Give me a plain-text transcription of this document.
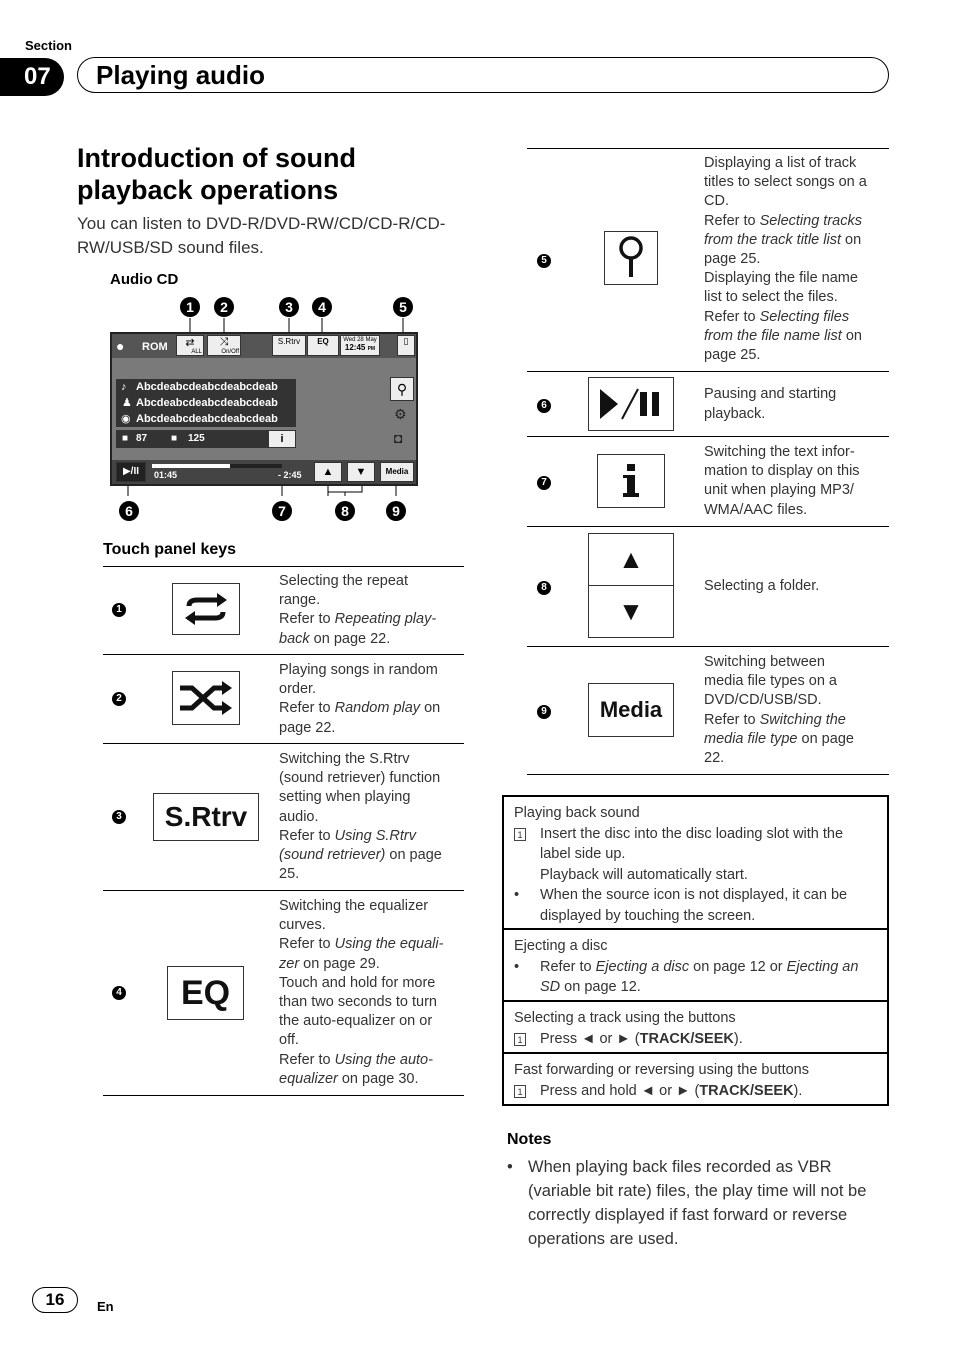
Section
07	Playing audio
Introduction of sound playback operations
You can listen to DVD-R/DVD-RW/CD/CD-R/CD-RW/USB/SD sound files.
Audio CD
1	2	3	4	5
● ROM	⇄
ALL
⤨
On/Off
S.Rtrv	EQ	Wed 28 May
12:45 PM
▯
♪ Abcdeabcdeabcdeabcdeab
♟ Abcdeabcdeabcdeabcdeab
◉ Abcdeabcdeabcdeabcdeab
■ 87 ■ 125	i
⚲
⚙
◘
▶/II	01:45	- 2:45	▲	▼	Media
6	7	8	9
Touch panel keys
1
Selecting the repeat
range.
Refer to Repeating play-
back on page 22.
2
Playing songs in random
order.
Refer to Random play on
page 22.
3 S.Rtrv
Switching the S.Rtrv
(sound retriever) function
setting when playing
audio.
Refer to Using S.Rtrv
(sound retriever) on page
25.
4 EQ
Switching the equalizer
curves.
Refer to Using the equali-
zer on page 29.
Touch and hold for more
than two seconds to turn
the auto-equalizer on or
off.
Refer to Using the auto-
equalizer on page 30.
5
Displaying a list of track
titles to select songs on a
CD.
Refer to Selecting tracks
from the track title list on
page 25.
Displaying the file name
list to select the files.
Refer to Selecting files
from the file name list on
page 25.
6
Pausing and starting
playback.
7
Switching the text infor-
mation to display on this
unit when playing MP3/
WMA/AAC files.
8
▲
▼
Selecting a folder.
9 Media
Switching between
media file types on a
DVD/CD/USB/SD.
Refer to Switching the
media file type on page
22.
Playing back sound
1	Insert the disc into the disc loading slot with the
label side up.
Playback will automatically start.
•	When the source icon is not displayed, it can be
displayed by touching the screen.
Ejecting a disc
•	Refer to Ejecting a disc on page 12 or Ejecting an
SD on page 12.
Selecting a track using the buttons
1	Press ◄ or ► (TRACK/SEEK).
Fast forwarding or reversing using the buttons
1	Press and hold ◄ or ► (TRACK/SEEK).
Notes
• When playing back files recorded as VBR (variable bit rate) files, the play time will not be correctly displayed if fast forward or reverse operations are used.
16	En
